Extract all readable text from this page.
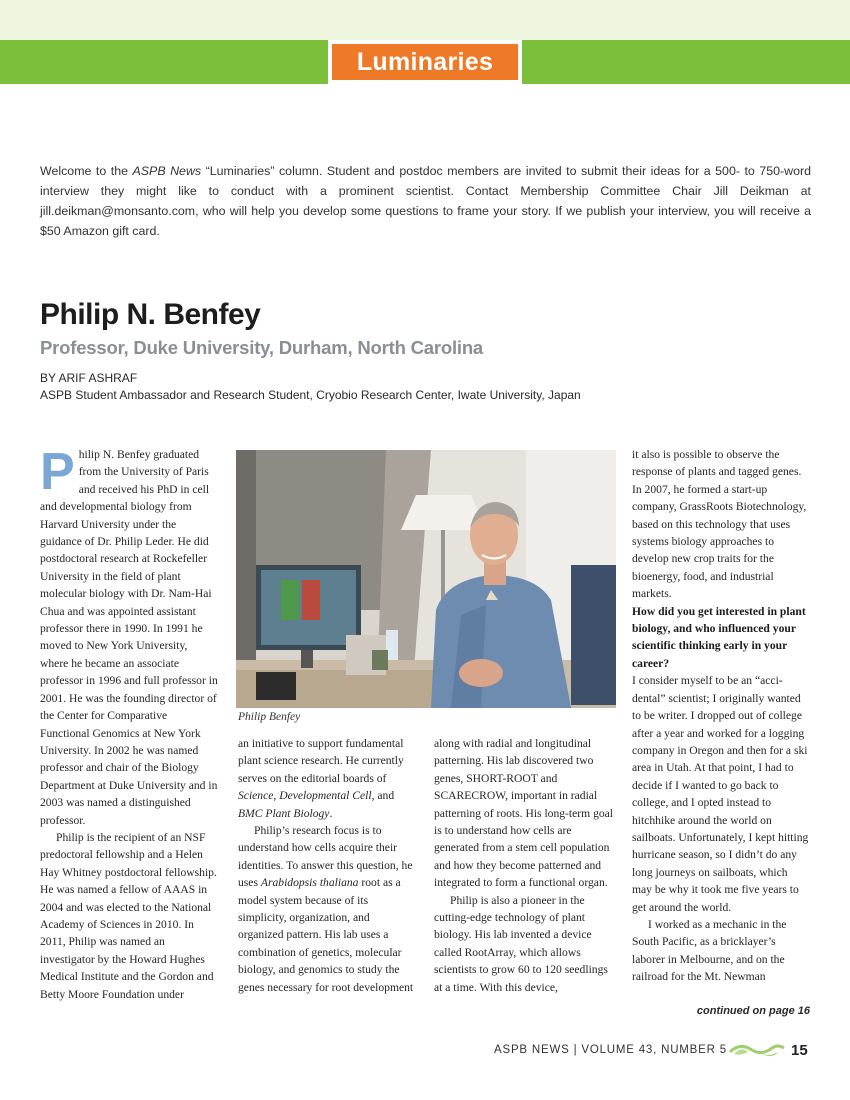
Luminaries
Welcome to the ASPB News “Luminaries” column. Student and postdoc members are invited to submit their ideas for a 500- to 750-word interview they might like to conduct with a prominent scientist. Contact Membership Committee Chair Jill Deikman at jill.deikman@monsanto.com, who will help you develop some questions to frame your story. If we publish your interview, you will receive a $50 Amazon gift card.
Philip N. Benfey
Professor, Duke University, Durham, North Carolina
BY ARIF ASHRAF
ASPB Student Ambassador and Research Student, Cryobio Research Center, Iwate University, Japan

Philip N. Benfey graduated from the University of Paris and received his PhD in cell and developmental biology from Harvard University under the guidance of Dr. Philip Leder. He did postdoctoral research at Rockefeller University in the field of plant molecular biology with Dr. Nam-Hai Chua and was appointed assistant professor there in 1990. In 1991 he moved to New York University, where he became an associate professor in 1996 and full professor in 2001. He was the founding director of the Center for Comparative Functional Genomics at New York University. In 2002 he was named professor and chair of the Biology Department at Duke University and in 2003 was named a distinguished professor.

Philip is the recipient of an NSF predoctoral fellowship and a Helen Hay Whitney postdoctoral fellowship. He was named a fellow of AAAS in 2004 and was elected to the National Academy of Sciences in 2010. In 2011, Philip was named an investigator by the Howard Hughes Medical Institute and the Gordon and Betty Moore Foundation under

Philip Benfey

an initiative to support fundamental plant science research. He currently serves on the editorial boards of Science, Developmental Cell, and BMC Plant Biology.

Philip’s research focus is to understand how cells acquire their identities. To answer this question, he uses Arabidopsis thaliana root as a model system because of its simplicity, organization, and organized pattern. His lab uses a combination of genetics, molecular biology, and genomics to study the genes necessary for root development

along with radial and longitudinal patterning. His lab discovered two genes, SHORT-ROOT and SCARECROW, important in radial patterning of roots. His long-term goal is to understand how cells are generated from a stem cell population and how they become patterned and integrated to form a functional organ.

Philip is also a pioneer in the cutting-edge technology of plant biology. His lab invented a device called RootArray, which allows scientists to grow 60 to 120 seedlings at a time. With this device,

it also is possible to observe the response of plants and tagged genes. In 2007, he formed a start-up company, GrassRoots Biotechnology, based on this technology that uses systems biology approaches to develop new crop traits for the bioenergy, food, and industrial markets.

How did you get interested in plant biology, and who influenced your scientific thinking early in your career?

I consider myself to be an “accidental” scientist; I originally wanted to be writer. I dropped out of college after a year and worked for a logging company in Oregon and then for a ski area in Utah. At that point, I had to decide if I wanted to go back to college, and I opted instead to hitchhike around the world on sailboats. Unfortunately, I kept hitting hurricane season, so I didn’t do any long journeys on sailboats, which may be why it took me five years to get around the world.

I worked as a mechanic in the South Pacific, as a bricklayer’s laborer in Melbourne, and on the railroad for the Mt. Newman

continued on page 16
ASPB NEWS | VOLUME 43, NUMBER 5	15
